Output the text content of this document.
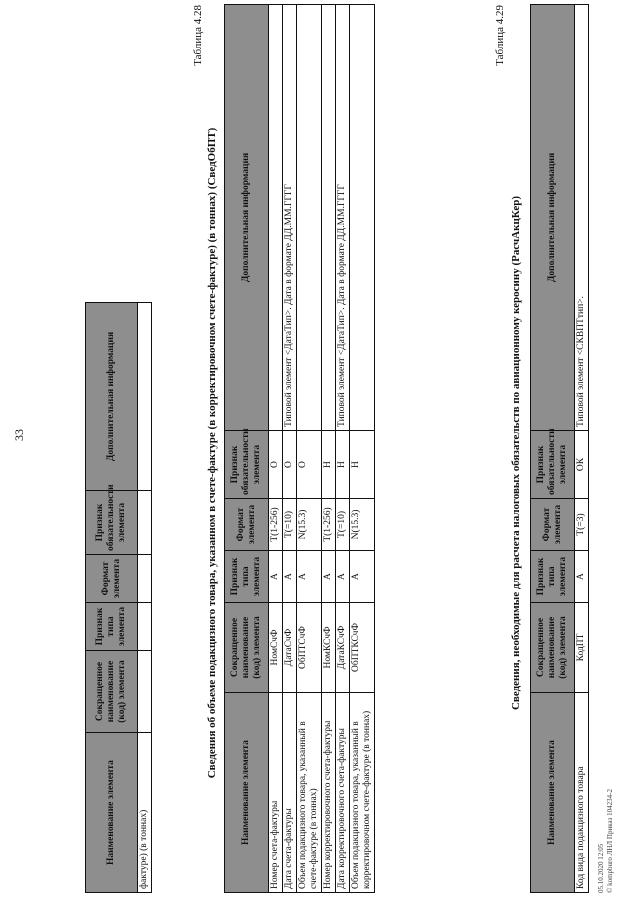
Наименование элемента	Сокращенное наименование (код) элемента	Признак типа элемента	Формат элемента	Признак обязательности элемента	Дополнительная информация
фактуре) (в тоннах)					
33
Таблица 4.28
Сведения об объеме подакцизного товара, указанном в счете-фактуре (в корректировочном счете-фактуре) (в тоннах) (СведОбПТ)
Наименование элемента	Сокращенное наименование (код) элемента	Признак типа элемента	Формат элемента	Признак обязательности элемента	Дополнительная информация
Номер счета-фактуры	НомСчФ	А	T(1-256)	О	
Дата счета-фактуры	ДатаСчФ	А	T(=10)	О	Типовой элемент <ДатаТип>. Дата в формате ДД.ММ.ГГГГ
Объем подакцизного товара, указанный в счете-фактуре (в тоннах)	ОбПТСчФ	А	N(15.3)	О	
Номер корректировочного счета-фактуры	НомКСчФ	А	T(1-256)	Н	
Дата корректировочного счета-фактуры	ДатаКСчФ	А	T(=10)	Н	Типовой элемент <ДатаТип>. Дата в формате ДД.ММ.ГГГГ
Объем подакцизного товара, указанный в корректировочном счете-фактуре (в тоннах)	ОбПТКСчФ	А	N(15.3)	Н	
Таблица 4.29
Сведения, необходимые для расчета налоговых обязательств по авиационному керосину (РасчАкцКер)
Наименование элемента	Сокращенное наименование (код) элемента	Признак типа элемента	Формат элемента	Признак обязательности элемента	Дополнительная информация
Код вида подакцизного товара	КодПТ	А	T(=3)	ОК	Типовой элемент <СКВПТтип>.
05.10.2020 12:05 © kompburo ЛНЛ Приказ 104234-2
